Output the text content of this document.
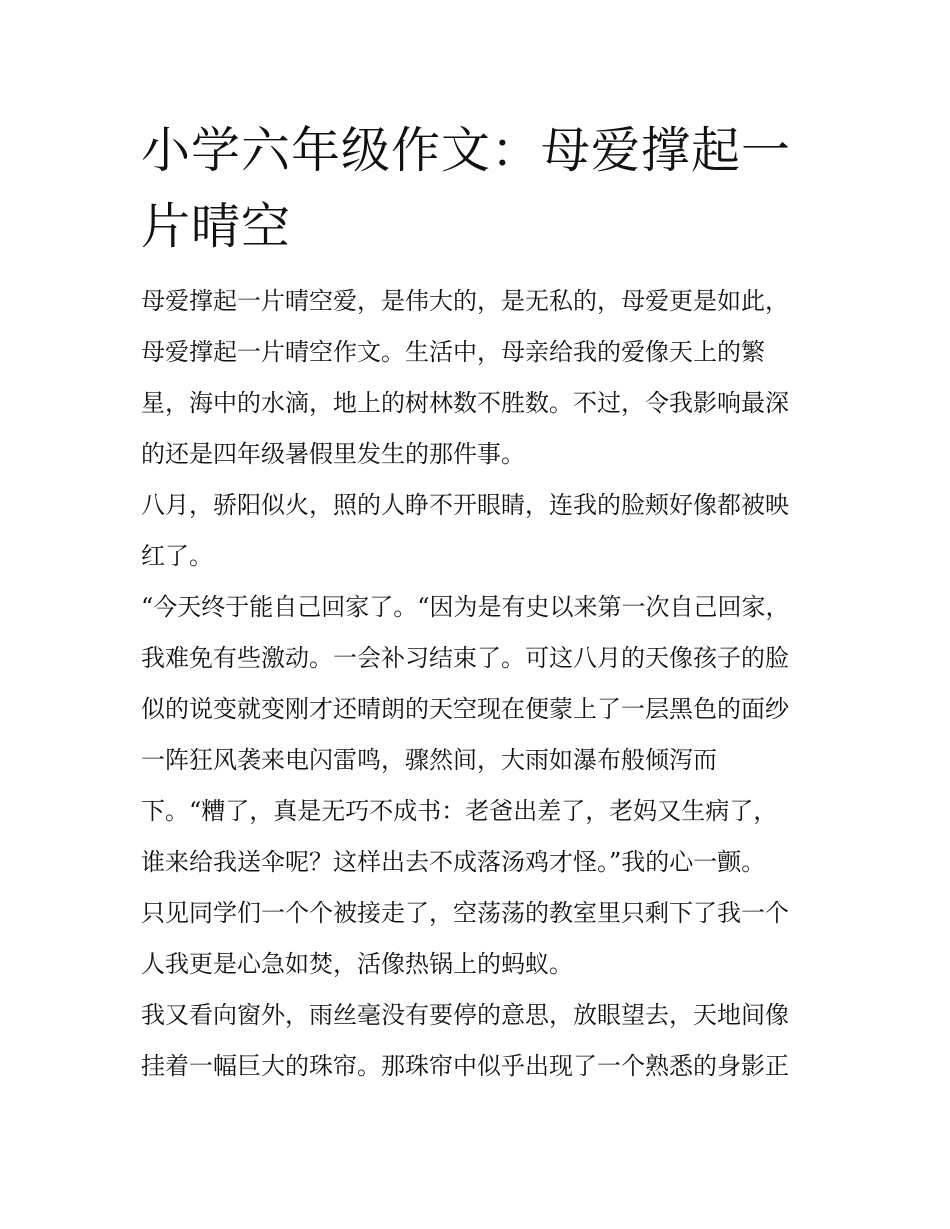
小学六年级作文：母爱撑起一
片晴空
母爱撑起一片晴空爱，是伟大的，是无私的，母爱更是如此，
母爱撑起一片晴空作文。生活中，母亲给我的爱像天上的繁
星，海中的水滴，地上的树林数不胜数。不过，令我影响最深
的还是四年级暑假里发生的那件事。
八月，骄阳似火，照的人睁不开眼睛，连我的脸颊好像都被映
红了。
“今天终于能自己回家了。“因为是有史以来第一次自己回家，
我难免有些激动。一会补习结束了。可这八月的天像孩子的脸
似的说变就变刚才还晴朗的天空现在便蒙上了一层黑色的面纱
一阵狂风袭来电闪雷鸣，骤然间，大雨如瀑布般倾泻而
下。“糟了，真是无巧不成书：老爸出差了，老妈又生病了，
谁来给我送伞呢？这样出去不成落汤鸡才怪。”我的心一颤。
只见同学们一个个被接走了，空荡荡的教室里只剩下了我一个
人我更是心急如焚，活像热锅上的蚂蚁。
我又看向窗外，雨丝毫没有要停的意思，放眼望去，天地间像
挂着一幅巨大的珠帘。那珠帘中似乎出现了一个熟悉的身影正
